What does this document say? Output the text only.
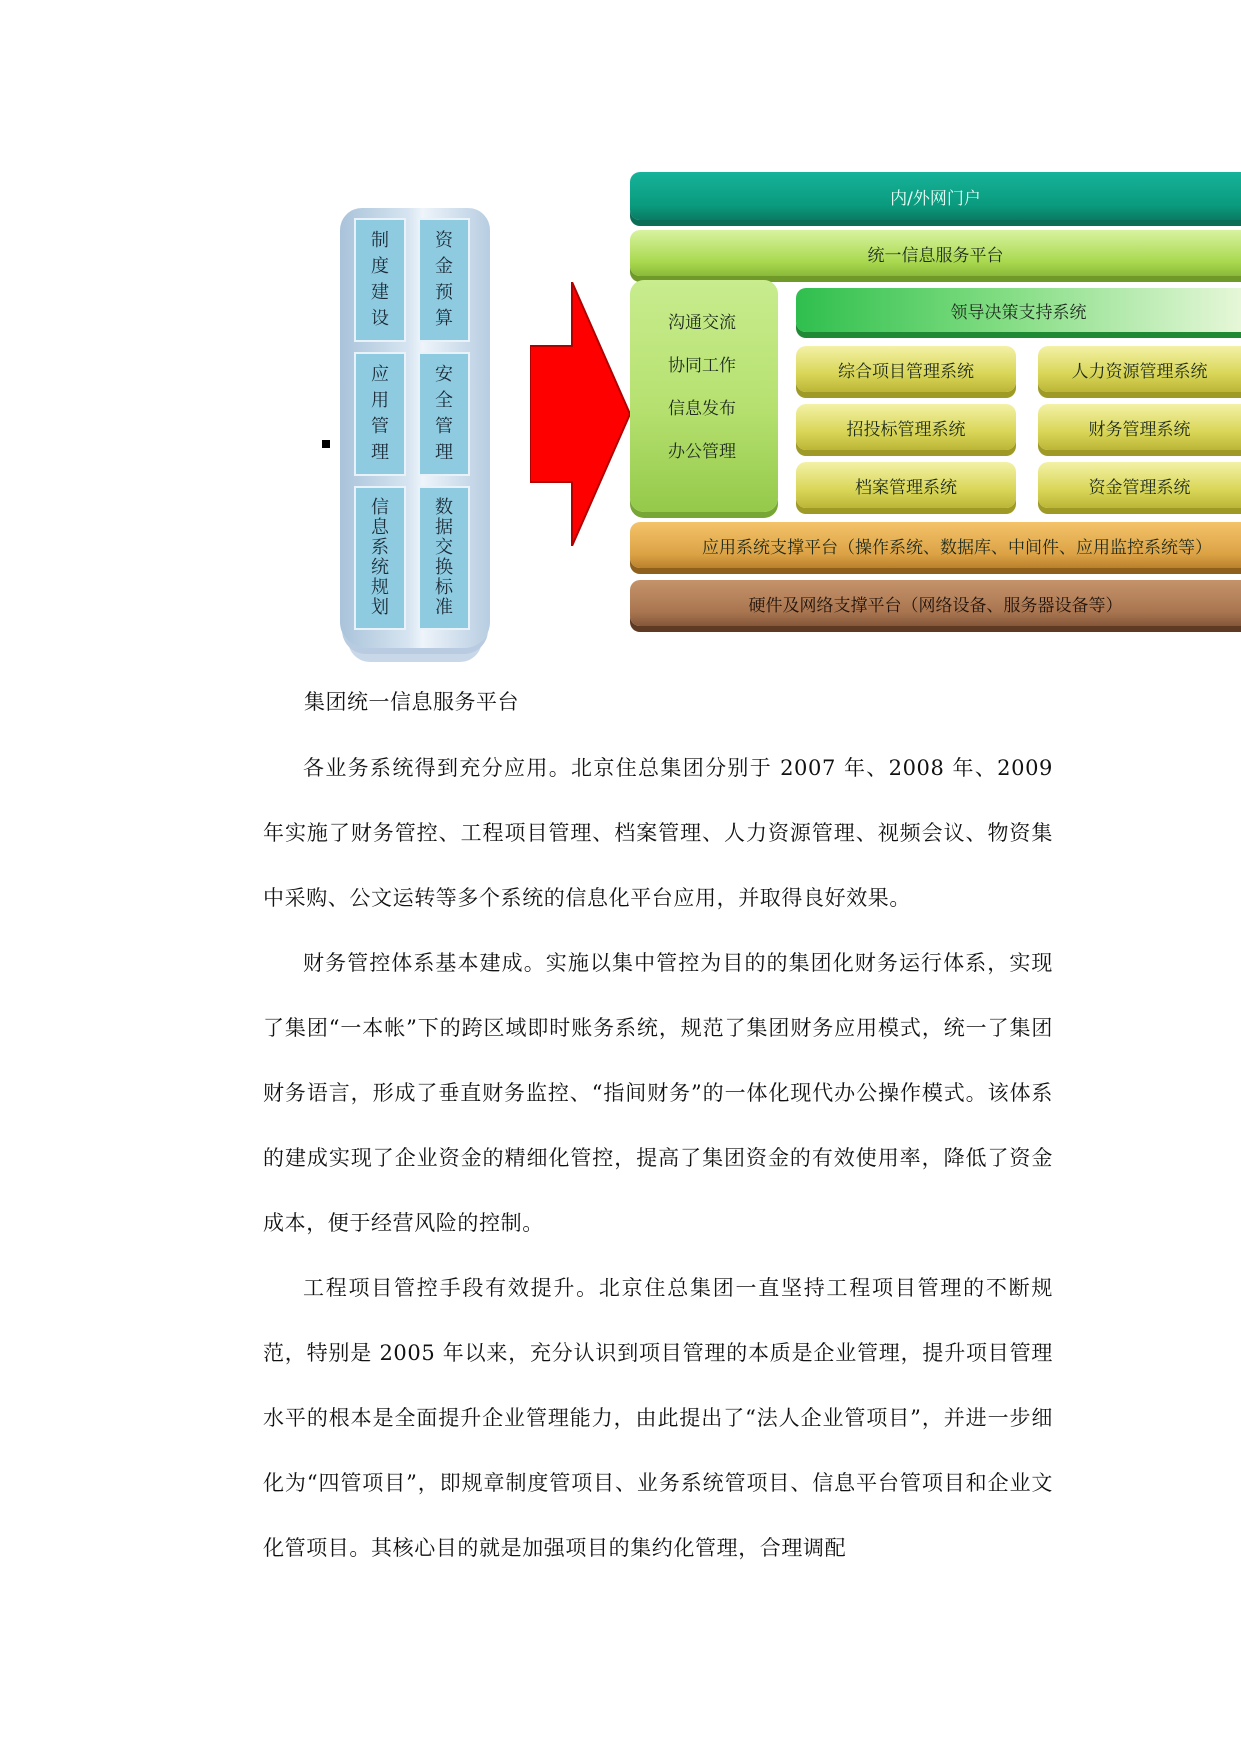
制
度
建
设
资
金
预
算
应
用
管
理
安
全
管
理
信
息
系
统
规
划
数
据
交
换
标
准
内/外网门户
统一信息服务平台
沟通交流
协同工作
信息发布
办公管理
领导决策支持系统
综合项目管理系统	人力资源管理系统
招投标管理系统	财务管理系统
档案管理系统	资金管理系统
应用系统支撑平台（操作系统、数据库、中间件、应用监控系统等）
硬件及网络支撑平台（网络设备、服务器设备等）
集团统一信息服务平台

各业务系统得到充分应用。北京住总集团分别于 2007 年、2008 年、2009 年实施了财务管控、工程项目管理、档案管理、人力资源管理、视频会议、物资集中采购、公文运转等多个系统的信息化平台应用，并取得良好效果。

财务管控体系基本建成。实施以集中管控为目的的集团化财务运行体系，实现了集团“一本帐”下的跨区域即时账务系统，规范了集团财务应用模式，统一了集团财务语言，形成了垂直财务监控、“指间财务”的一体化现代办公操作模式。该体系的建成实现了企业资金的精细化管控，提高了集团资金的有效使用率，降低了资金成本，便于经营风险的控制。

工程项目管控手段有效提升。北京住总集团一直坚持工程项目管理的不断规范，特别是 2005 年以来，充分认识到项目管理的本质是企业管理，提升项目管理水平的根本是全面提升企业管理能力，由此提出了“法人企业管项目”，并进一步细化为“四管项目”，即规章制度管项目、业务系统管项目、信息平台管项目和企业文化管项目。其核心目的就是加强项目的集约化管理，合理调配
